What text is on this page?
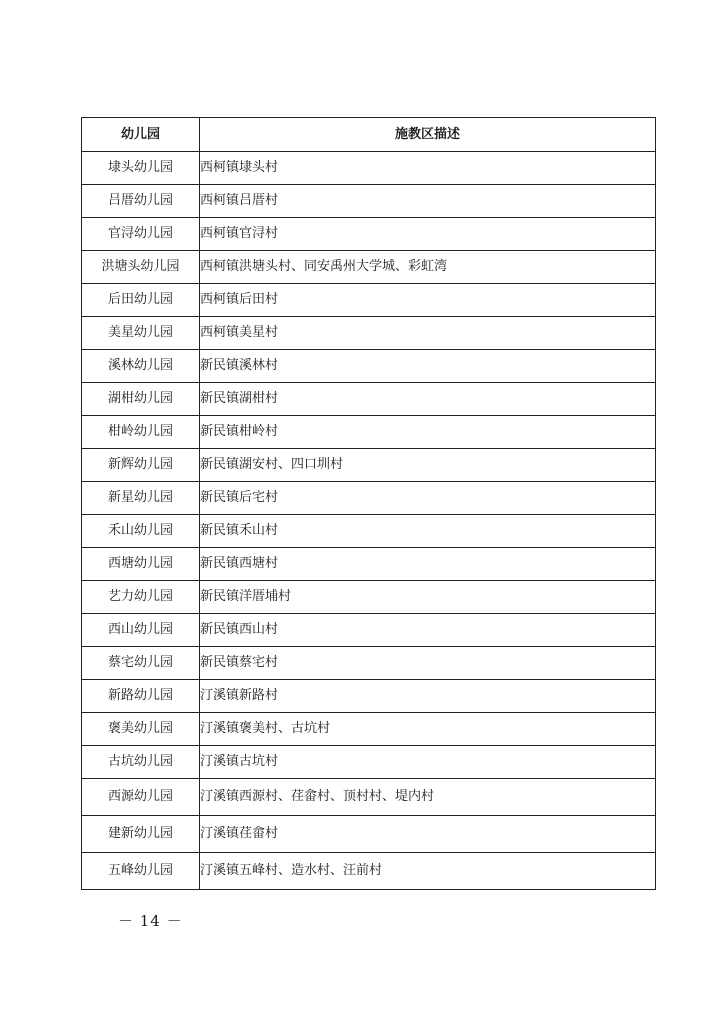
幼儿园	施教区描述
埭头幼儿园	西柯镇埭头村
吕厝幼儿园	西柯镇吕厝村
官浔幼儿园	西柯镇官浔村
洪塘头幼儿园	西柯镇洪塘头村、同安禹州大学城、彩虹湾
后田幼儿园	西柯镇后田村
美星幼儿园	西柯镇美星村
溪林幼儿园	新民镇溪林村
湖柑幼儿园	新民镇湖柑村
柑岭幼儿园	新民镇柑岭村
新辉幼儿园	新民镇湖安村、四口圳村
新星幼儿园	新民镇后宅村
禾山幼儿园	新民镇禾山村
西塘幼儿园	新民镇西塘村
艺力幼儿园	新民镇洋厝埔村
西山幼儿园	新民镇西山村
蔡宅幼儿园	新民镇蔡宅村
新路幼儿园	汀溪镇新路村
褒美幼儿园	汀溪镇褒美村、古坑村
古坑幼儿园	汀溪镇古坑村
西源幼儿园	汀溪镇西源村、荏畲村、顶村村、堤内村
建新幼儿园	汀溪镇荏畲村
五峰幼儿园	汀溪镇五峰村、造水村、汪前村
－ 14 －
